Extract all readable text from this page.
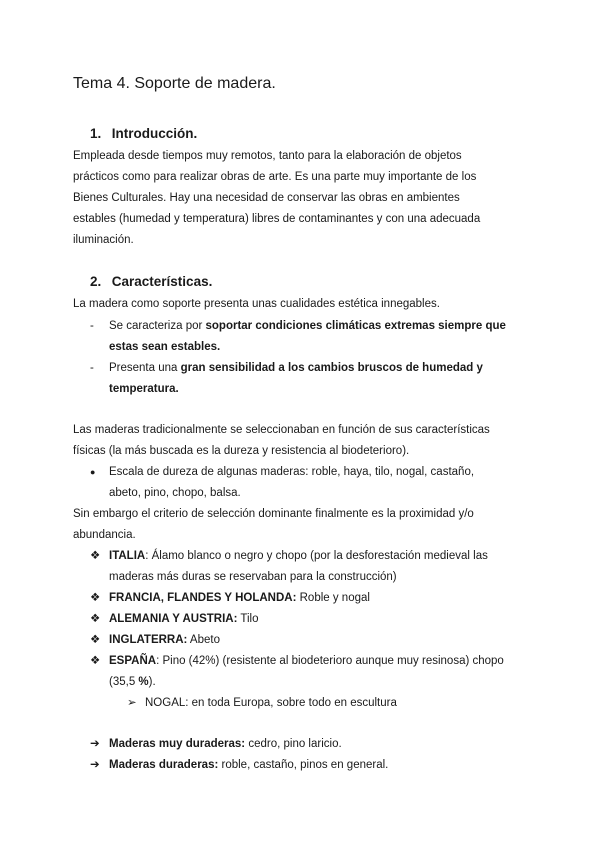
Tema 4. Soporte de madera.
1. Introducción.
Empleada desde tiempos muy remotos, tanto para la elaboración de objetos
prácticos como para realizar obras de arte. Es una parte muy importante de los
Bienes Culturales. Hay una necesidad de conservar las obras en ambientes
estables (humedad y temperatura) libres de contaminantes y con una adecuada
iluminación.
2. Características.
La madera como soporte presenta unas cualidades estética innegables.
- Se caracteriza por soportar condiciones climáticas extremas siempre que
estas sean estables.
- Presenta una gran sensibilidad a los cambios bruscos de humedad y
temperatura.
Las maderas tradicionalmente se seleccionaban en función de sus características
físicas (la más buscada es la dureza y resistencia al biodeterioro).
● Escala de dureza de algunas maderas: roble, haya, tilo, nogal, castaño,
abeto, pino, chopo, balsa.
Sin embargo el criterio de selección dominante finalmente es la proximidad y/o
abundancia.
❖ ITALIA: Álamo blanco o negro y chopo (por la desforestación medieval las
maderas más duras se reservaban para la construcción)
❖ FRANCIA, FLANDES Y HOLANDA: Roble y nogal
❖ ALEMANIA Y AUSTRIA: Tilo
❖ INGLATERRA: Abeto
❖ ESPAÑA: Pino (42%) (resistente al biodeterioro aunque muy resinosa) chopo
(35,5 %).
➢ NOGAL: en toda Europa, sobre todo en escultura
➔ Maderas muy duraderas: cedro, pino laricio.
➔ Maderas duraderas: roble, castaño, pinos en general.
